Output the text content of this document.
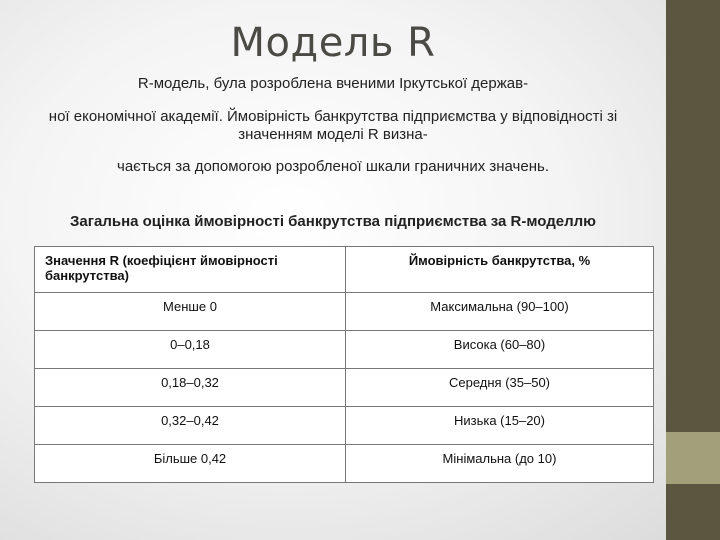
Модель R
R-модель, була розроблена вченими Іркутської держав-
ної економічної академії. Ймовірність банкрутства підприємства у відповідності зі значенням моделі R визна-
чається за допомогою розробленої шкали граничних значень.
Загальна оцінка ймовірності банкрутства підприємства за R-моделлю
Значення R (коефіцієнт ймовірності банкрутства)	Ймовірність банкрутства, %
Менше 0	Максимальна (90–100)
0–0,18	Висока (60–80)
0,18–0,32	Середня (35–50)
0,32–0,42	Низька (15–20)
Більше 0,42	Мінімальна (до 10)
